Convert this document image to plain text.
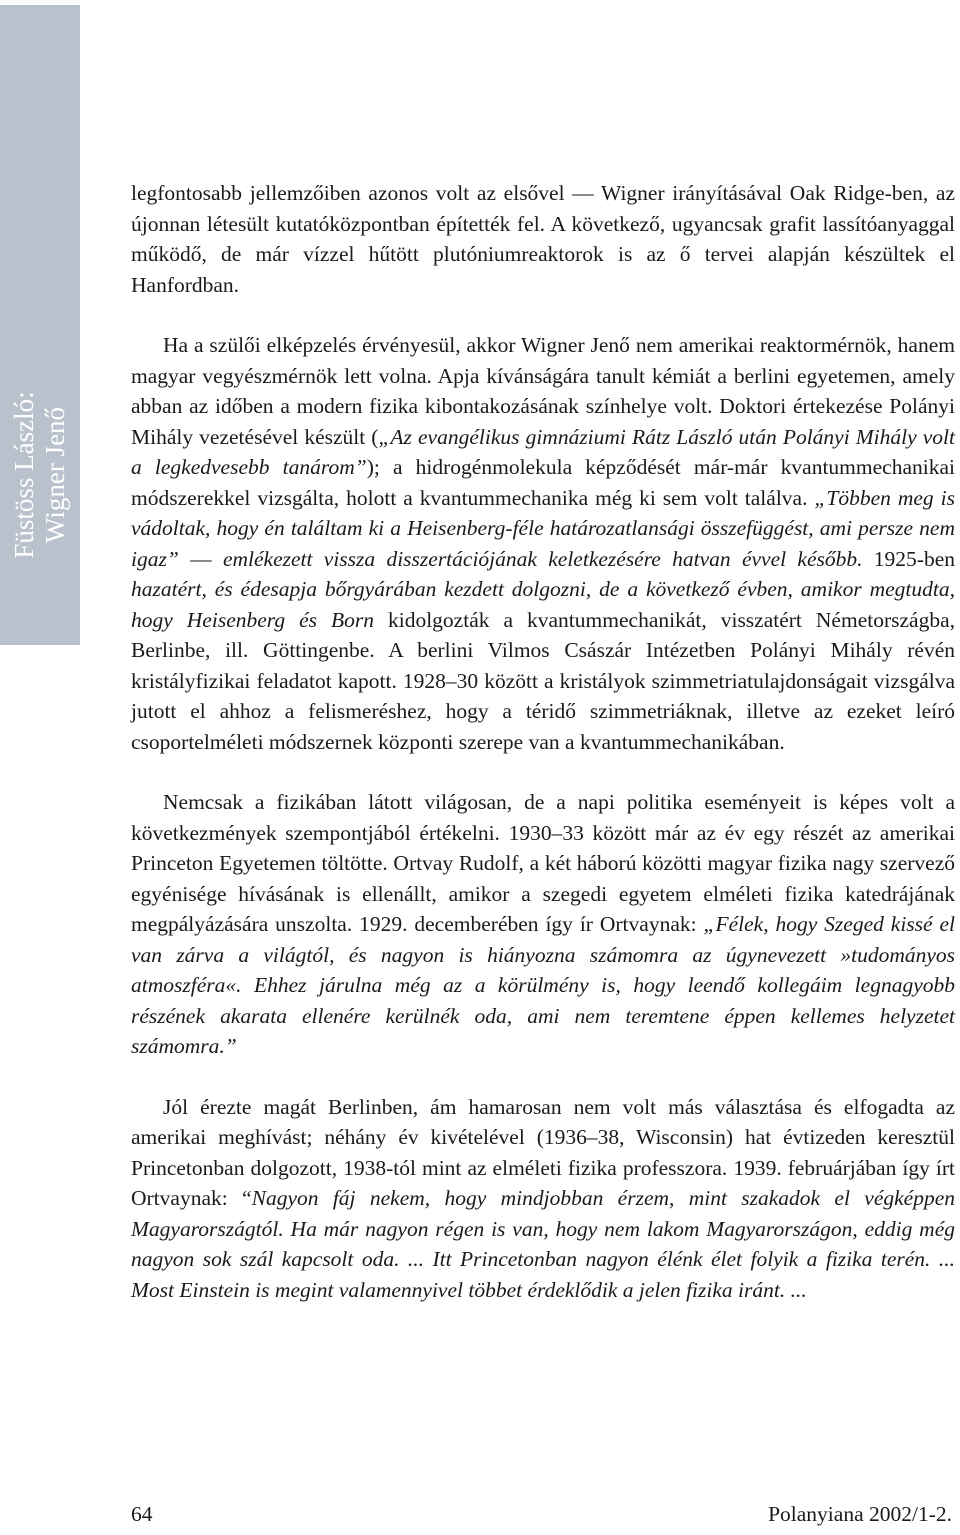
Füstöss László: Wigner Jenő

legfontosabb jellemzőiben azonos volt az elsővel — Wigner irányításával Oak Ridge-ben, az újonnan létesült kutatóközpontban építették fel. A következő, ugyancsak grafit lassítóanyaggal működő, de már vízzel hűtött plutóniumreaktorok is az ő tervei alapján készültek el Hanfordban.

Ha a szülői elképzelés érvényesül, akkor Wigner Jenő nem amerikai reaktormérnök, hanem magyar vegyészmérnök lett volna. Apja kívánságára tanult kémiát a berlini egyetemen, amely abban az időben a modern fizika kibontakozásának színhelye volt. Doktori értekezése Polányi Mihály vezetésével készült („Az evangélikus gimnáziumi Rátz László után Polányi Mihály volt a legkedvesebb tanárom”); a hidrogénmolekula képződését már-már kvantummechanikai módszerekkel vizsgálta, holott a kvantummechanika még ki sem volt találva. „Többen meg is vádoltak, hogy én találtam ki a Heisenberg-féle határozatlansági összefüggést, ami persze nem igaz” — emlékezett vissza disszertációjának keletkezésére hatvan évvel később. 1925-ben hazatért, és édesapja bőrgyárában kezdett dolgozni, de a következő évben, amikor megtudta, hogy Heisenberg és Born kidolgozták a kvantummechanikát, visszatért Németországba, Berlinbe, ill. Göttingenbe. A berlini Vilmos Császár Intézetben Polányi Mihály révén kristályfizikai feladatot kapott. 1928–30 között a kristályok szimmetriatulajdonságait vizsgálva jutott el ahhoz a felismeréshez, hogy a téridő szimmetriáknak, illetve az ezeket leíró csoportelméleti módszernek központi szerepe van a kvantummechanikában.

Nemcsak a fizikában látott világosan, de a napi politika eseményeit is képes volt a következmények szempontjából értékelni. 1930–33 között már az év egy részét az amerikai Princeton Egyetemen töltötte. Ortvay Rudolf, a két háború közötti magyar fizika nagy szervező egyénisége hívásának is ellenállt, amikor a szegedi egyetem elméleti fizika katedrájának megpályázására unszolta. 1929. decemberében így ír Ortvaynak: „Félek, hogy Szeged kissé el van zárva a világtól, és nagyon is hiányozna számomra az úgynevezett »tudományos atmoszféra«. Ehhez járulna még az a körülmény is, hogy leendő kollegáim legnagyobb részének akarata ellenére kerülnék oda, ami nem teremtene éppen kellemes helyzetet számomra.”

Jól érezte magát Berlinben, ám hamarosan nem volt más választása és elfogadta az amerikai meghívást; néhány év kivételével (1936–38, Wisconsin) hat évtizeden keresztül Princetonban dolgozott, 1938-tól mint az elméleti fizika professzora. 1939. februárjában így írt Ortvaynak: “Nagyon fáj nekem, hogy mindjobban érzem, mint szakadok el végképpen Magyarországtól. Ha már nagyon régen is van, hogy nem lakom Magyarországon, eddig még nagyon sok szál kapcsolt oda. ... Itt Princetonban nagyon élénk élet folyik a fizika terén. ... Most Einstein is megint valamennyivel többet érdeklődik a jelen fizika iránt. ...

64	Polanyiana 2002/1-2.
